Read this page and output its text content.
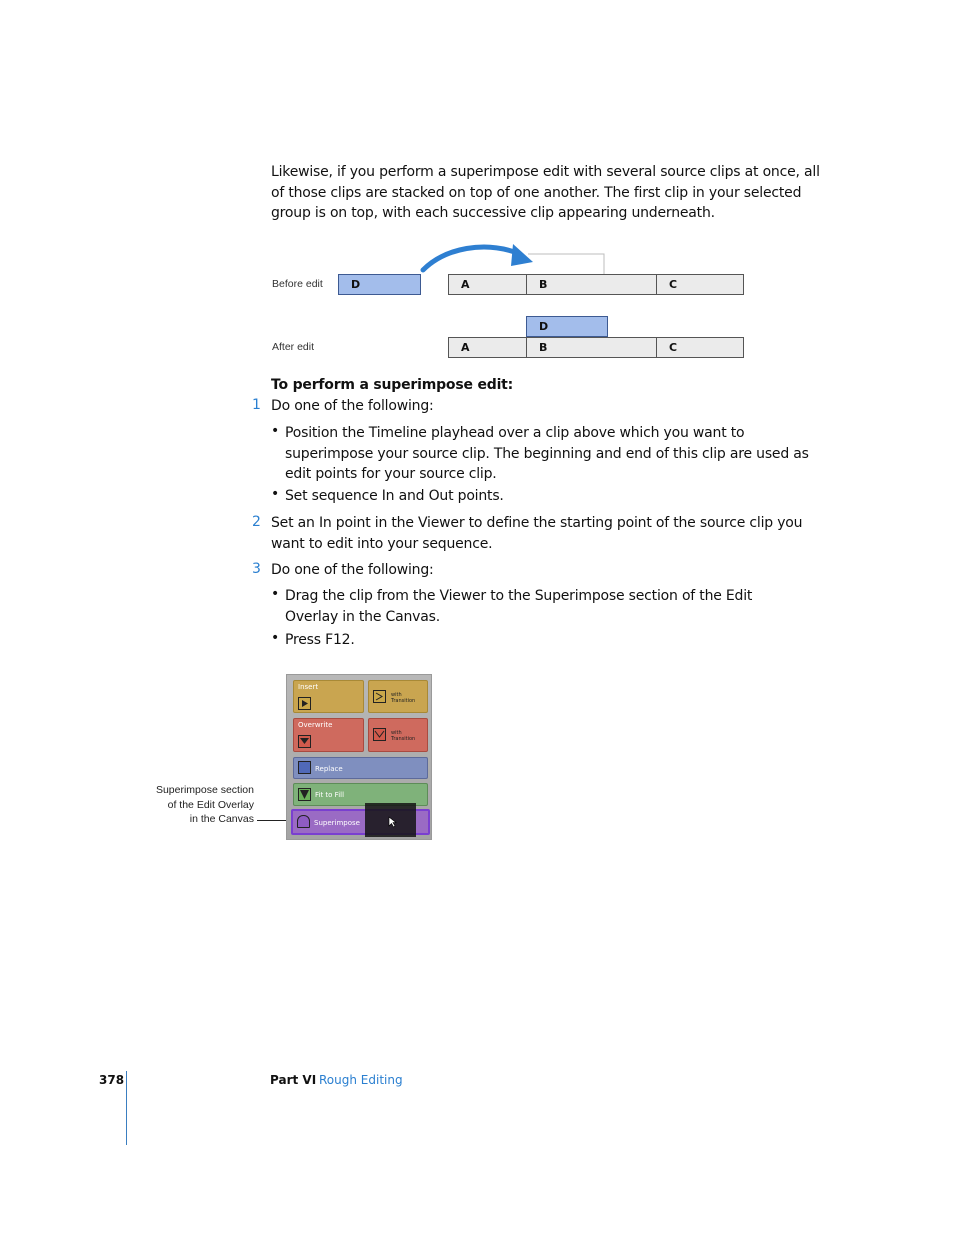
Likewise, if you perform a superimpose edit with several source clips at once, all of those clips are stacked on top of one another. The first clip in your selected group is on top, with each successive clip appearing underneath.
Before edit	D	A	B	C
After edit
D
A	B	C
To perform a superimpose edit:
1 Do one of the following:
• Position the Timeline playhead over a clip above which you want to superimpose your source clip. The beginning and end of this clip are used as edit points for your source clip.
• Set sequence In and Out points.
2 Set an In point in the Viewer to define the starting point of the source clip you want to edit into your sequence.
3 Do one of the following:
• Drag the clip from the Viewer to the Superimpose section of the Edit Overlay in the Canvas.
• Press F12.
Superimpose section
of the Edit Overlay
in the Canvas
Insert
with
Transition
Overwrite
with
Transition
Replace
Fit to Fill
Superimpose
378	Part VI Rough Editing
